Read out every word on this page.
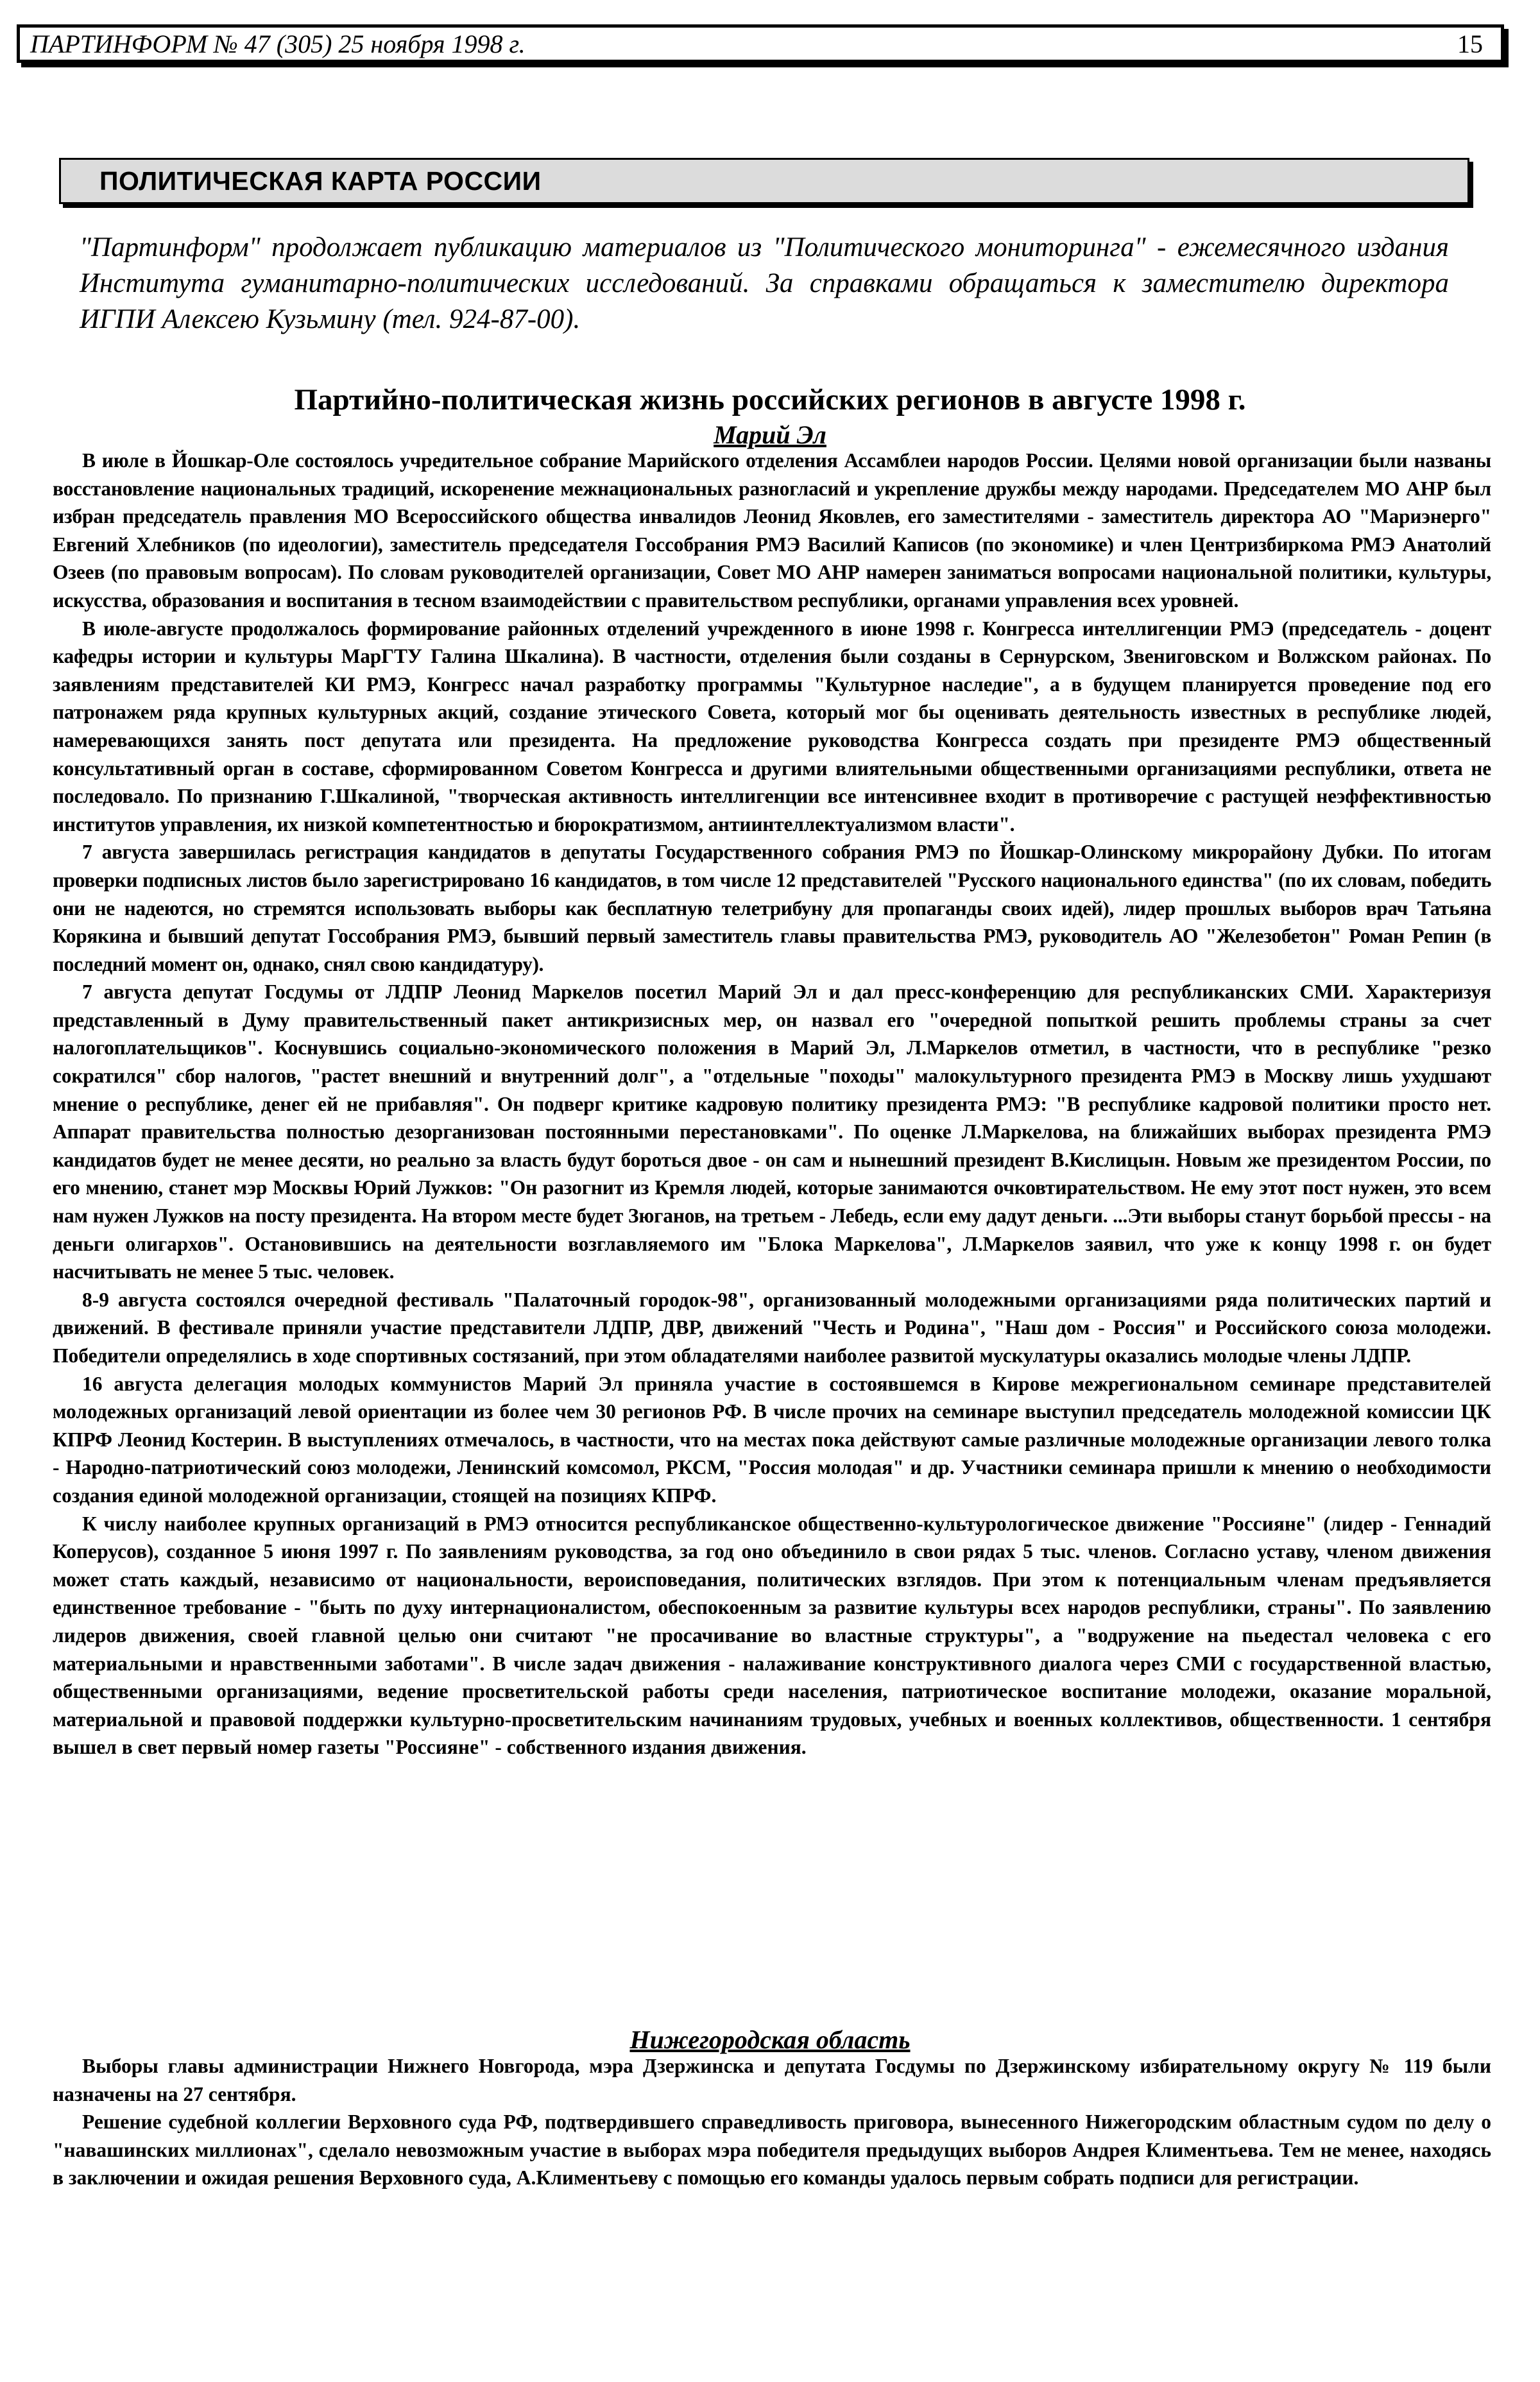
ПАРТИНФОРМ № 47 (305) 25 ноября 1998 г.	15
ПОЛИТИЧЕСКАЯ КАРТА РОССИИ
"Партинформ" продолжает публикацию материалов из "Политического мониторинга" - ежемесячного издания Института гуманитарно-политических исследований. За справками обращаться к заместителю директора ИГПИ Алексею Кузьмину (тел. 924-87-00).
Партийно-политическая жизнь российских регионов в августе 1998 г.
Марий Эл

В июле в Йошкар-Оле состоялось учредительное собрание Марийского отделения Ассамблеи народов России. Целями новой организации были названы восстановление национальных традиций, искоренение межнациональных разногласий и укрепление дружбы между народами. Председателем МО АНР был избран председатель правления МО Всероссийского общества инвалидов Леонид Яковлев, его заместителями - заместитель директора АО "Мариэнерго" Евгений Хлебников (по идеологии), заместитель председателя Госсобрания РМЭ Василий Каписов (по экономике) и член Центризбиркома РМЭ Анатолий Озеев (по правовым вопросам). По словам руководителей организации, Совет МО АНР намерен заниматься вопросами национальной политики, культуры, искусства, образования и воспитания в тесном взаимодействии с правительством республики, органами управления всех уровней.

В июле-августе продолжалось формирование районных отделений учрежденного в июне 1998 г. Конгресса интеллигенции РМЭ (председатель - доцент кафедры истории и культуры МарГТУ Галина Шкалина). В частности, отделения были созданы в Сернурском, Звениговском и Волжском районах. По заявлениям представителей КИ РМЭ, Конгресс начал разработку программы "Культурное наследие", а в будущем планируется проведение под его патронажем ряда крупных культурных акций, создание этического Совета, который мог бы оценивать деятельность известных в республике людей, намеревающихся занять пост депутата или президента. На предложение руководства Конгресса создать при президенте РМЭ общественный консультативный орган в составе, сформированном Советом Конгресса и другими влиятельными общественными организациями республики, ответа не последовало. По признанию Г.Шкалиной, "творческая активность интеллигенции все интенсивнее входит в противоречие с растущей неэффективностью институтов управления, их низкой компетентностью и бюрократизмом, антиинтеллектуализмом власти".

7 августа завершилась регистрация кандидатов в депутаты Государственного собрания РМЭ по Йошкар-Олинскому микрорайону Дубки. По итогам проверки подписных листов было зарегистрировано 16 кандидатов, в том числе 12 представителей "Русского национального единства" (по их словам, победить они не надеются, но стремятся использовать выборы как бесплатную телетрибуну для пропаганды своих идей), лидер прошлых выборов врач Татьяна Корякина и бывший депутат Госсобрания РМЭ, бывший первый заместитель главы правительства РМЭ, руководитель АО "Железобетон" Роман Репин (в последний момент он, однако, снял свою кандидатуру).

7 августа депутат Госдумы от ЛДПР Леонид Маркелов посетил Марий Эл и дал пресс-конференцию для республиканских СМИ. Характеризуя представленный в Думу правительственный пакет антикризисных мер, он назвал его "очередной попыткой решить проблемы страны за счет налогоплательщиков". Коснувшись социально-экономического положения в Марий Эл, Л.Маркелов отметил, в частности, что в республике "резко сократился" сбор налогов, "растет внешний и внутренний долг", а "отдельные "походы" малокультурного президента РМЭ в Москву лишь ухудшают мнение о республике, денег ей не прибавляя". Он подверг критике кадровую политику президента РМЭ: "В республике кадровой политики просто нет. Аппарат правительства полностью дезорганизован постоянными перестановками". По оценке Л.Маркелова, на ближайших выборах президента РМЭ кандидатов будет не менее десяти, но реально за власть будут бороться двое - он сам и нынешний президент В.Кислицын. Новым же президентом России, по его мнению, станет мэр Москвы Юрий Лужков: "Он разогнит из Кремля людей, которые занимаются очковтирательством. Не ему этот пост нужен, это всем нам нужен Лужков на посту президента. На втором месте будет Зюганов, на третьем - Лебедь, если ему дадут деньги. ...Эти выборы станут борьбой прессы - на деньги олигархов". Остановившись на деятельности возглавляемого им "Блока Маркелова", Л.Маркелов заявил, что уже к концу 1998 г. он будет насчитывать не менее 5 тыс. человек.

8-9 августа состоялся очередной фестиваль "Палаточный городок-98", организованный молодежными организациями ряда политических партий и движений. В фестивале приняли участие представители ЛДПР, ДВР, движений "Честь и Родина", "Наш дом - Россия" и Российского союза молодежи. Победители определялись в ходе спортивных состязаний, при этом обладателями наиболее развитой мускулатуры оказались молодые члены ЛДПР.

16 августа делегация молодых коммунистов Марий Эл приняла участие в состоявшемся в Кирове межрегиональном семинаре представителей молодежных организаций левой ориентации из более чем 30 регионов РФ. В числе прочих на семинаре выступил председатель молодежной комиссии ЦК КПРФ Леонид Костерин. В выступлениях отмечалось, в частности, что на местах пока действуют самые различные молодежные организации левого толка - Народно-патриотический союз молодежи, Ленинский комсомол, РКСМ, "Россия молодая" и др. Участники семинара пришли к мнению о необходимости создания единой молодежной организации, стоящей на позициях КПРФ.

К числу наиболее крупных организаций в РМЭ относится республиканское общественно-культурологическое движение "Россияне" (лидер - Геннадий Коперусов), созданное 5 июня 1997 г. По заявлениям руководства, за год оно объединило в свои рядах 5 тыс. членов. Согласно уставу, членом движения может стать каждый, независимо от национальности, вероисповедания, политических взглядов. При этом к потенциальным членам предъявляется единственное требование - "быть по духу интернационалистом, обеспокоенным за развитие культуры всех народов республики, страны". По заявлению лидеров движения, своей главной целью они считают "не просачивание во властные структуры", а "водружение на пьедестал человека с его материальными и нравственными заботами". В числе задач движения - налаживание конструктивного диалога через СМИ с государственной властью, общественными организациями, ведение просветительской работы среди населения, патриотическое воспитание молодежи, оказание моральной, материальной и правовой поддержки культурно-просветительским начинаниям трудовых, учебных и военных коллективов, общественности. 1 сентября вышел в свет первый номер газеты "Россияне" - собственного издания движения.

Нижегородская область

Выборы главы администрации Нижнего Новгорода, мэра Дзержинска и депутата Госдумы по Дзержинскому избирательному округу № 119 были назначены на 27 сентября.

Решение судебной коллегии Верховного суда РФ, подтвердившего справедливость приговора, вынесенного Нижегородским областным судом по делу о "навашинских миллионах", сделало невозможным участие в выборах мэра победителя предыдущих выборов Андрея Климентьева. Тем не менее, находясь в заключении и ожидая решения Верховного суда, А.Климентьеву с помощью его команды удалось первым собрать подписи для регистрации.
